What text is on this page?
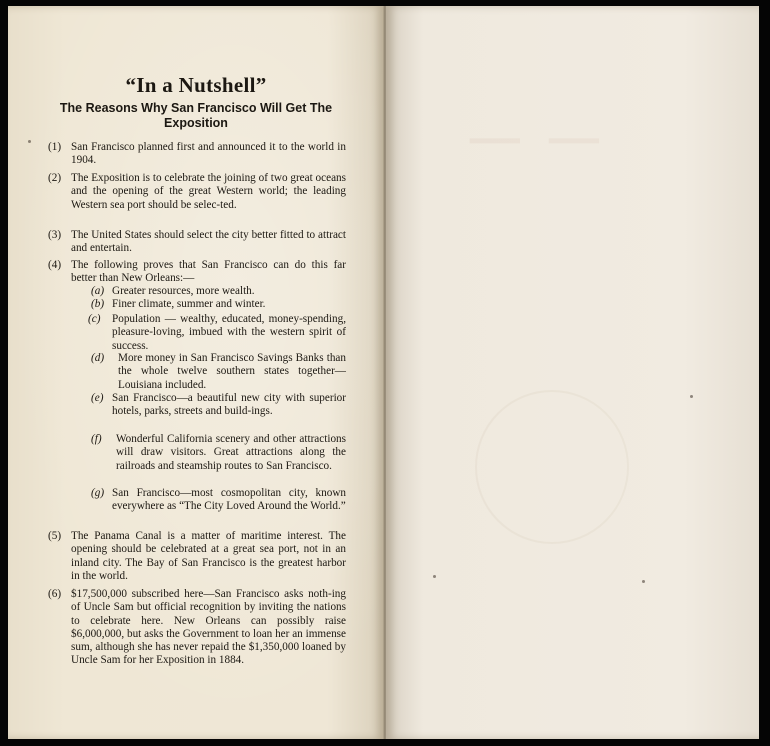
─ ─
“In a Nutshell”
The Reasons Why San Francisco Will Get The Exposition
(1) San Francisco planned first and announced it to the world in 1904.
(2) The Exposition is to celebrate the joining of two great oceans and the opening of the great Western world; the leading Western sea port should be selec-ted.
(3) The United States should select the city better fitted to attract and entertain.
(4) The following proves that San Francisco can do this far better than New Orleans:—
(a) Greater resources, more wealth.
(b) Finer climate, summer and winter.
(c)	Population — wealthy, educated, money-spending, pleasure-loving, imbued with the western spirit of success.
(d)	More money in San Francisco Savings Banks than the whole twelve southern states together— Louisiana included.
(e) San Francisco—a beautiful new city with superior hotels, parks, streets and build-ings.
(f)	Wonderful California scenery and other attractions will draw visitors. Great attractions along the railroads and steamship routes to San Francisco.
(g) San Francisco—most cosmopolitan city, known everywhere as “The City Loved Around the World.”
(5) The Panama Canal is a matter of maritime interest. The opening should be celebrated at a great sea port, not in an inland city. The Bay of San Francisco is the greatest harbor in the world.
(6) $17,500,000 subscribed here—San Francisco asks noth-ing of Uncle Sam but official recognition by inviting the nations to celebrate here. New Orleans can possibly raise $6,000,000, but asks the Government to loan her an immense sum, although she has never repaid the $1,350,000 loaned by Uncle Sam for her Exposition in 1884.
